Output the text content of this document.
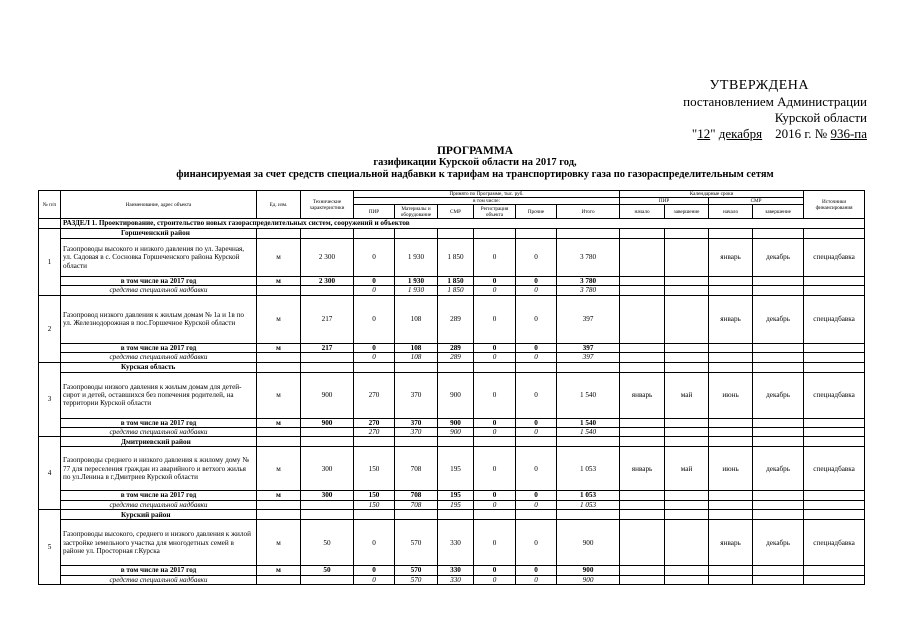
УТВЕРЖДЕНА
постановлением Администрации
Курской области
"12" декабря 2016 г. № 936-па
ПРОГРАММА
газификации Курской области на 2017 год,
финансируемая за счет средств специальной надбавки к тарифам на транспортировку газа по газораспределительным сетям
№ п/п	Наименование, адрес объекта	Ед. изм.	Технические характеристики	Принято по Программе, тыс. руб.						Календарные сроки				Источники финансирования
				в том числе:						ПИР		СМР		
				ПИР	Материалы и оборудование	СМР	Регистрация объекта	Прочие	Итого	начало	завершение	начало	завершение	
	РАЗДЕЛ 1. Проектирование, строительство новых газораспределительных систем, сооружений и объектов													
1	Горшеченский район													
	Газопроводы высокого и низкого давления по ул. Заречная, ул. Садовая в с. Сосновка Горшеченского района Курской области	м	2 300	0	1 930	1 850	0	0	3 780			январь	декабрь	спецнадбавка
	в том числе на 2017 год	м	2 300	0	1 930	1 850	0	0	3 780					
	средства специальной надбавки			0	1 930	1 850	0	0	3 780					
2	Газопровод низкого давления к жилым домам № 1а и 1в по ул. Железнодорожная в пос.Горшечное Курской области	м	217	0	108	289	0	0	397			январь	декабрь	спецнадбавка
	в том числе на 2017 год	м	217	0	108	289	0	0	397					
	средства специальной надбавки			0	108	289	0	0	397					
3	Курская область													
	Газопроводы низкого давления к жилым домам для детей-сирот и детей, оставшихся без попечения родителей, на территории Курской области	м	900	270	370	900	0	0	1 540	январь	май	июнь	декабрь	спецнадбавка
	в том числе на 2017 год	м	900	270	370	900	0	0	1 540					
	средства специальной надбавки			270	370	900	0	0	1 540					
4	Дмитриевский район													
	Газопроводы среднего и низкого давления к жилому дому № 77 для переселения граждан из аварийного и ветхого жилья по ул.Ленина в г.Дмитриев Курской области	м	300	150	708	195	0	0	1 053	январь	май	июнь	декабрь	спецнадбавка
	в том числе на 2017 год	м	300	150	708	195	0	0	1 053					
	средства специальной надбавки			150	708	195	0	0	1 053					
5	Курский район													
	Газопроводы высокого, среднего и низкого давления к жилой застройке земельного участка для многодетных семей в районе ул. Просторная г.Курска	м	50	0	570	330	0	0	900			январь	декабрь	спецнадбавка
	в том числе на 2017 год	м	50	0	570	330	0	0	900					
	средства специальной надбавки			0	570	330	0	0	900					
